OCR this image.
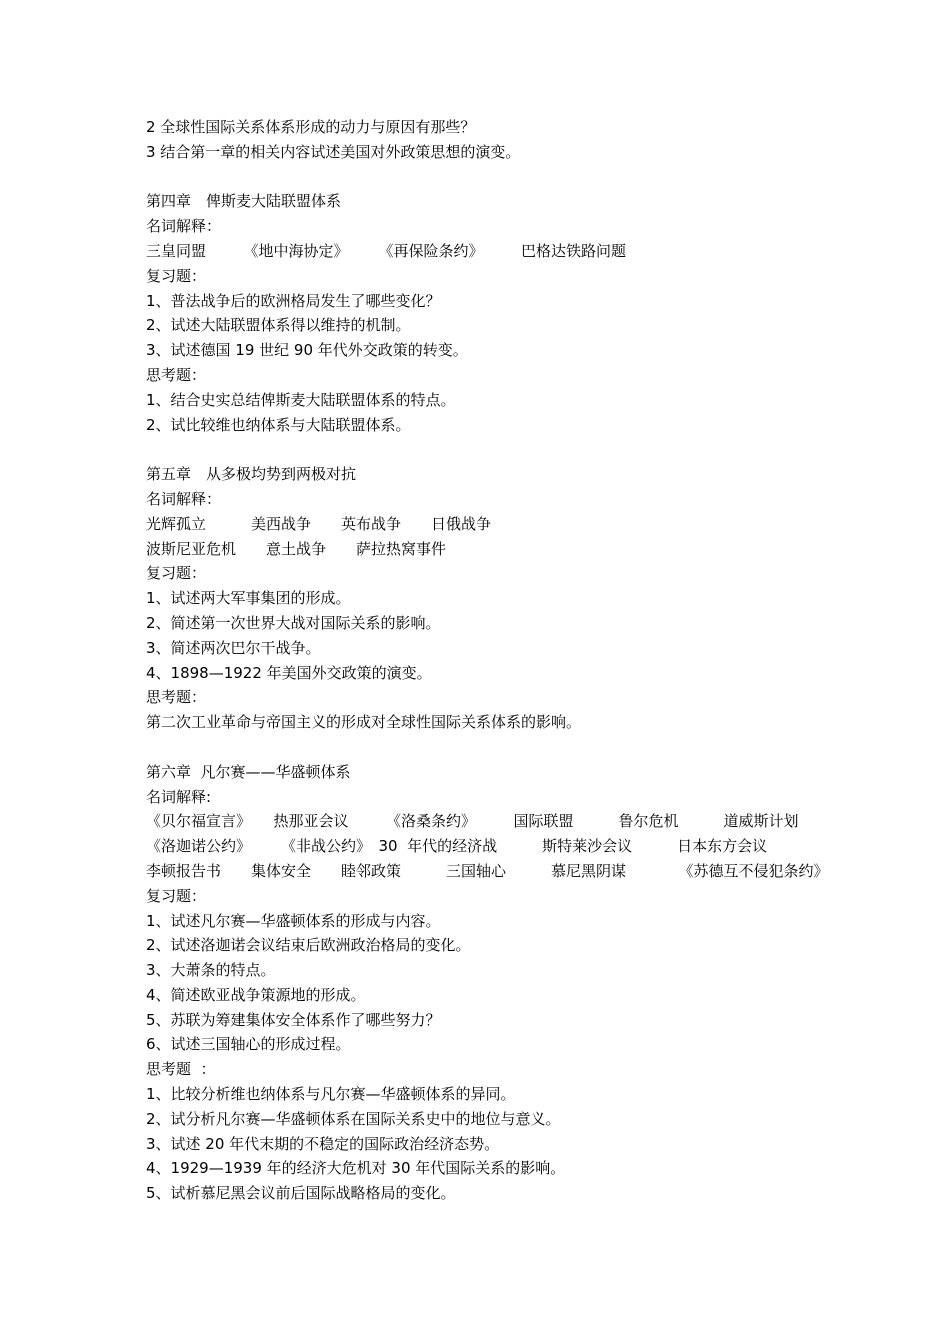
2 全球性国际关系体系形成的动力与原因有那些？

3 结合第一章的相关内容试述美国对外政策思想的演变。

第四章　俾斯麦大陆联盟体系

名词解释：

三皇同盟　　　《地中海协定》　　　《再保险条约》　　　巴格达铁路问题

复习题：

1、普法战争后的欧洲格局发生了哪些变化？

2、试述大陆联盟体系得以维持的机制。

3、试述德国 19 世纪 90 年代外交政策的转变。

思考题：

1、结合史实总结俾斯麦大陆联盟体系的特点。

2、试比较维也纳体系与大陆联盟体系。

第五章　从多极均势到两极对抗

名词解释：

光辉孤立　　　美西战争　　英布战争　　日俄战争

波斯尼亚危机　　意土战争　　萨拉热窝事件

复习题：

1、试述两大军事集团的形成。

2、简述第一次世界大战对国际关系的影响。

3、简述两次巴尔干战争。

4、1898—1922 年美国外交政策的演变。

思考题：

第二次工业革命与帝国主义的形成对全球性国际关系体系的影响。

第六章  凡尔赛——华盛顿体系

名词解释:

《贝尔福宣言》　　热那亚会议　　　《洛桑条约》　　　国际联盟　　　鲁尔危机　　　道威斯计划

《洛迦诺公约》　　　《非战公约》　30  年代的经济战　　　斯特莱沙会议　　　日本东方会议

李顿报告书　　集体安全　　睦邻政策　　　三国轴心　　　慕尼黑阴谋　　　　《苏德互不侵犯条约》

复习题：

1、试述凡尔赛—华盛顿体系的形成与内容。

2、试述洛迦诺会议结束后欧洲政治格局的变化。

3、大萧条的特点。

4、简述欧亚战争策源地的形成。

5、苏联为筹建集体安全体系作了哪些努力？

6、试述三国轴心的形成过程。

思考题  ：

1、比较分析维也纳体系与凡尔赛—华盛顿体系的异同。

2、试分析凡尔赛—华盛顿体系在国际关系史中的地位与意义。

3、试述 20 年代末期的不稳定的国际政治经济态势。

4、1929—1939 年的经济大危机对 30 年代国际关系的影响。

5、试析慕尼黑会议前后国际战略格局的变化。
